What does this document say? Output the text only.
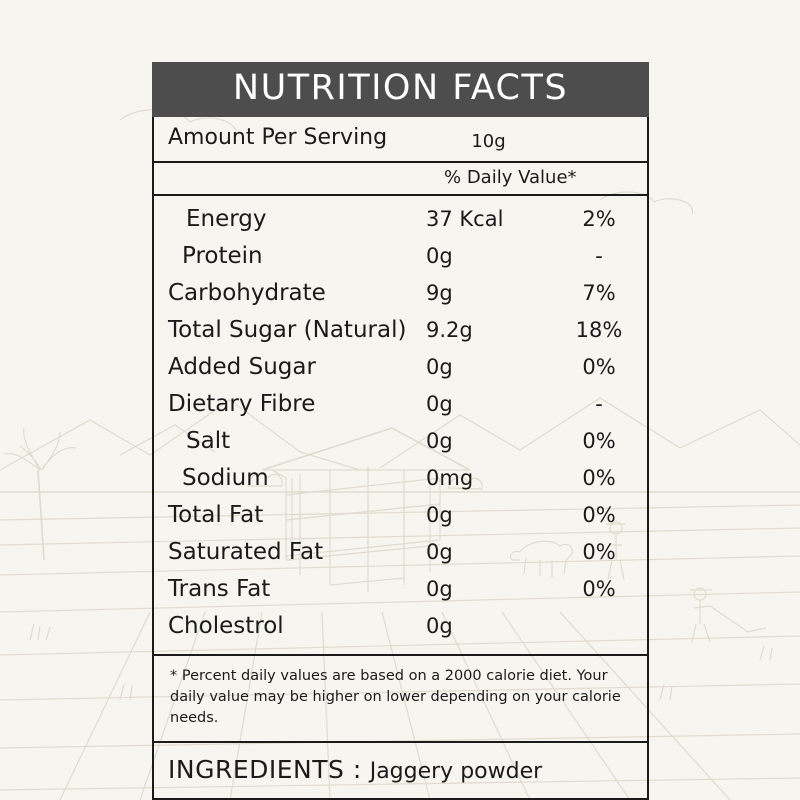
NUTRITION FACTS
Amount Per Serving	10g
% Daily Value*
Energy	37 Kcal	2%
Protein	0g	-
Carbohydrate	9g	7%
Total Sugar (Natural) 9.2g	18%
Added Sugar	0g	0%
Dietary Fibre	0g	-
Salt	0g	0%
Sodium	0mg	0%
Total Fat	0g	0%
Saturated Fat	0g	0%
Trans Fat	0g	0%
Cholestrol	0g
* Percent daily values are based on a 2000 calorie diet. Your daily value may be higher on lower depending on your calorie needs.
INGREDIENTS : Jaggery powder
